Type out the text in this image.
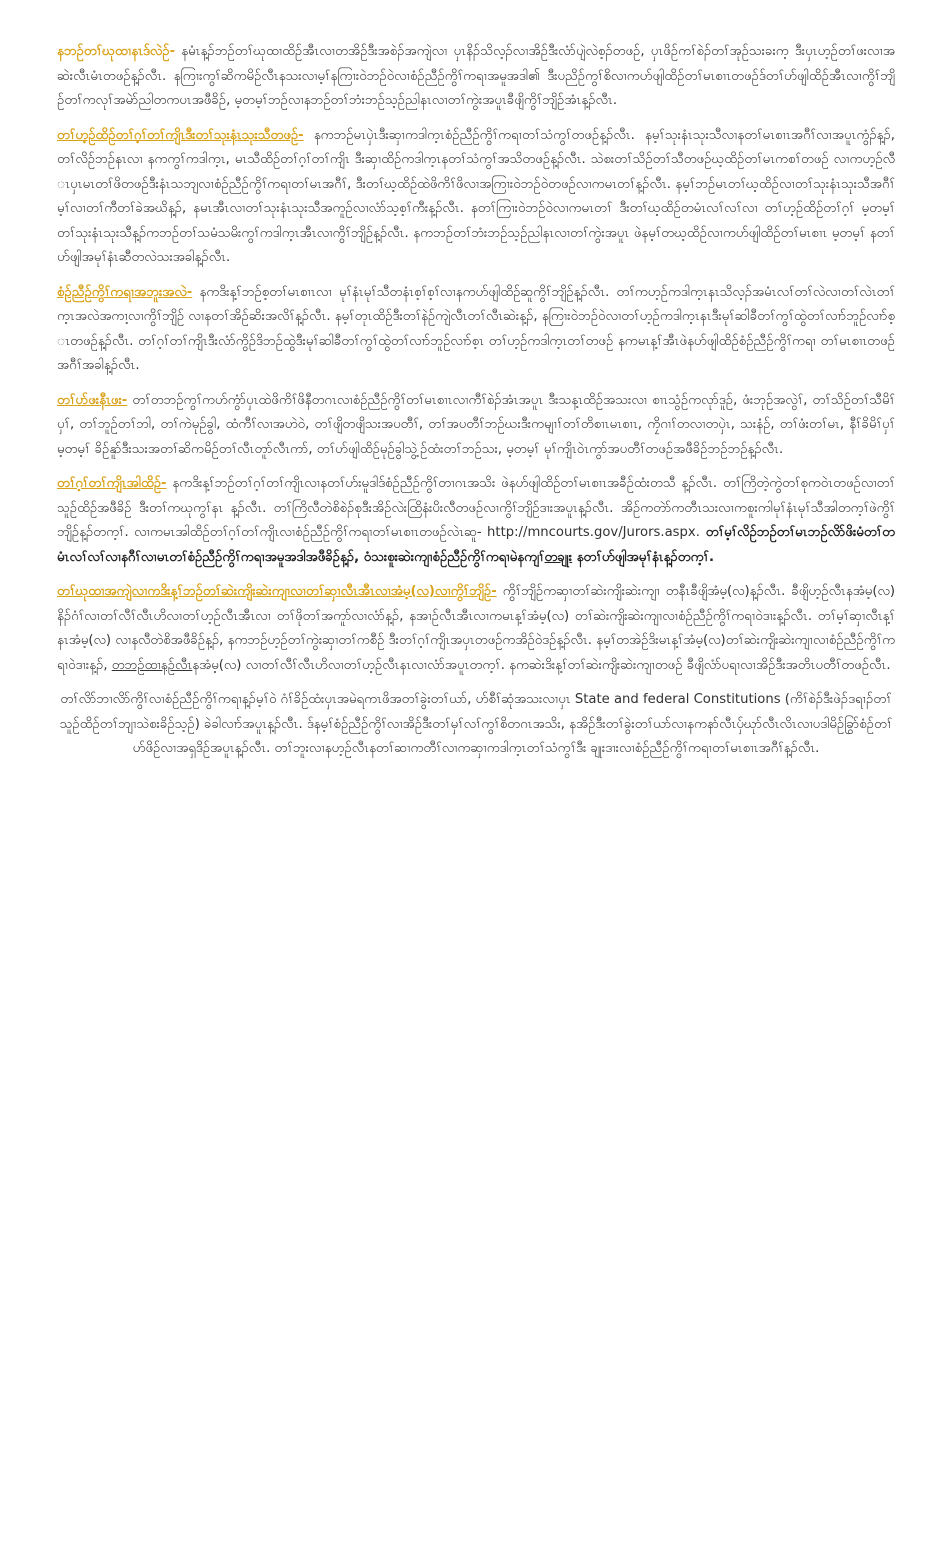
နဘဉ်တၢ်ဃုထၢနၤဒ်လဲဉ်- နမံၤန့ၣ်ဘဉ်တၢ်ဃုထၢထိဉ်အီၤလၢတအိဉ်ဒီးအစဲၣ်အကျဲလၢ ပှၤနိၣ်သိလ့ၣ်လၢအိဉ်ဒီးလံာ်ပျဲလဲစ့ၣ်တဖဉ်, ပှၤဖိဉ်ကၢ်စဲၣ်တၢ်အုဉ်သးခးက့ ဒီးပှၤဟ့ဉ်တၢ်ဖးလၢအဆဲးလီၤမံၤတဖဉ်န့ၣ်လီၤ. နကြၢးကွၢ်ဆိကမိဉ်လီၤနသးလၢမ့ၢ်နကြၢးဝဲဘဉ်ဝဲလၢစံဉ်ညီဉ်ကွိၢ်ကရၢအမူအဒါ၏ ဒီးပညိဉ်ကွၢ်စိလၢကဟ်ဖျါထိဉ်တၢ်မၤစၢၤတဖဉ်ဒ်တၢ်ဟ်ဖျါထိဉ်အီၤလၢကွိၢ်ဘျိဉ်တၢ်ကလုၢ်အမဲာ်ညါတကပၤအဖီခိဉ်, မ့တမ့ၢ်ဘဉ်လၢနဘဉ်တၢ်ဘံးဘဉ်သ့ဉ်ညါနၤလၢတၢ်ကွဲးအပူၤခီဖျိကွိၢ်ဘျိဉ်အံၤန့ၣ်လီၤ.

တၢ်ဟ့ဉ်ထိဉ်တၢ်ဂ့ၢ်တၢ်ကျိၤဒီးတၢ်သုးနံၤသုးသီတဖဉ်- နကဘဉ်မၤပှဲၤဒီးဆှၢကဒါက့ၤစံဉ်ညီဉ်ကွိၢ်ကရၢတၢ်သံကွၢ်တဖဉ်န့ၣ်လီၤ. နမ့ၢ်သုးနံၤသုးသီလၢနတၢ်မၤစၢၤအဂီၢ်လၢအပူၤကွံၣ်န့ၣ်, တၢ်လိဉ်ဘဉ်နၤလၢ နကကွၢ်ကဒါက့ၤ, မၤသီထိဉ်တၢ်ဂ့ၢ်တၢ်ကျိၤ ဒီးဆှၢထိဉ်ကဒါက့ၤနတၢ်သံကွၢ်အသိတဖဉ်န့ၣ်လီၤ. သဲစးတၢ်သိဉ်တၢ်သီတဖဉ်ဃ့ထိဉ်တၢ်မၤကစၢ်တဖဉ် လၢကဟ့ဉ်လီၤပှၤမၤတၢ်ဖိတဖဉ်ဒီးနံၤသဘျလၢစံဉ်ညီဉ်ကွိၢ်ကရၢတၢ်မၤအဂီၢ်, ဒီးတၢ်ဃ့ထိဉ်ထဲဖိကိၢ်ဖိလၢအကြၢးဝဲဘဉ်ဝဲတဖဉ်လၢကမၤတၢ်န့ၣ်လီၤ. နမ့ၢ်ဘဉ်မၤတၢ်ဃ့ထိဉ်လၢတၢ်သုးနံၤသုးသီအဂီၢ် မ့ၢ်လၢတၢ်ကီတၢ်ခဲအဃိန့ၣ်, နမၤအီၤလၢတၢ်သုးနံၤသုးသီအကူဉ်လၢလံာ်သ့စ့ၢ်ကီးန့ၣ်လီၤ. နတၢ်ကြၢးဝဲဘဉ်ဝဲလၢကမၤတၢ် ဒီးတၢ်ဃ့ထိဉ်တမံၤလၢ်လၢ်လၢ တၢ်ဟ့ဉ်ထိဉ်တၢ်ဂ့ၢ် မ့တမ့ၢ် တၢ်သုးနံၤသုးသီန့ၣ်ကဘဉ်တၢ်သမံသမိးကွၢ်ကဒါက့ၤအီၤလၢကွိၢ်ဘျိဉ်န့ၣ်လီၤ. နကဘဉ်တၢ်ဘံးဘဉ်သ့ဉ်ညါနၤလၢတၢ်ကွဲးအပူၤ ဖဲနမ့ၢ်တဃ့ထိဉ်လၢကဟ်ဖျါထိဉ်တၢ်မၤစၢၤ မ့တမ့ၢ် နတၢ်ဟ်ဖျါအမုၢ်နံၤဆီတလဲသးအခါန့ၣ်လီၤ.

စံဉ်ညီဉ်ကွိၢ်ကရၢအဘူးအလဲ- နကဒိးန့ၢ်ဘဉ်စ့တၢ်မၤစၢၤလၢ မုၢ်နံၤမုၢ်သီတနံၤစ့ၢ်စ့ၢ်လၢနကဟ်ဖျါထိဉ်ဆူကွိၢ်ဘျိဉ်န့ၣ်လီၤ. တၢ်ကဟ့ဉ်ကဒါက့ၤနၤသိလ့ၣ်အမံၤလၢ်တၢ်လဲလၢတၢ်လဲၤတၢ်က့ၤအလဲအကၢ့လၢကွိၢ်ဘျိဉ် လၢနတၢ်အိဉ်ဆိးအလိၢ်န့ၣ်လီၤ. နမ့ၢ်တုၤထိဉ်ဒီးတၢ်နဲဉ်ကျဲလီၤတၢ်လီၤဆဲးန့ၣ်, နကြၢးဝဲဘဉ်ဝဲလၢတၢ်ဟ့ဉ်ကဒါက့ၤနၤဒီးမုၢ်ဆါခီတၢ်ကွၢ်ထွဲတၢ်လၢာ်ဘူဉ်လၢာ်စ့ၤတဖဉ်န့ၣ်လီၤ. တၢ်ဂ့ၢ်တၢ်ကျိၤဒီးလံာ်ကွိဉ်ဒိဘဉ်ထွဲဒီးမုၢ်ဆါခီတၢ်ကွၢ်ထွဲတၢ်လၢာ်ဘူဉ်လၢာ်စ့ၤ တၢ်ဟ့ဉ်ကဒါက့ၤတၢ်တဖဉ် နကမၤန့ၢ်အီၤဖဲနဟ်ဖျါထိဉ်စံဉ်ညီဉ်ကွိၢ်ကရၢ တၢ်မၤစၢၤတဖဉ်အဂီၢ်အခါန့ၣ်လီၤ.

တၢ်ပာ်ဖးနီၤဖး- တၢ်တဘဉ်ကွၢ်ကဟ်ကွံာ်ပှၤထဲဖိကိၢ်ဖိနီတဂၤလၢစံဉ်ညီဉ်ကွိၢ်တၢ်မၤစၢၤလၢကီၢ်စဲၣ်အံၤအပူၤ ဒီးသန့ၤထိဉ်အသးလၢ စၢၤသွံဉ်ကလုာ်ဒူဉ်, ဖံးဘုဉ်အလွဲၢ်, တၢ်သိဉ်တၢ်သီမိၢ်ပှၢ်, တၢ်ဘူဉ်တၢ်ဘါ, တၢ်ကဲမုဉ်ခွါ, ထံကီၢ်လၢအဟဲဝဲ, တၢ်ဖျိတဖျိသးအပတီၢ်, တၢ်အပတီၢ်ဘဉ်ဃးဒီးကမျၢၢ်တၢ်တိစၢၤမၤစၢၤ, ကၠိဂၢၢ်တလၢတပှဲၤ, သးနံဉ်, တၢ်ဖံးတၢ်မၤ, နီၢ်ခိမိၢ်ပှၢ် မ့တမ့ၢ် ခိဉ်နူာ်ဒီးသးအတၢ်ဆိကမိဉ်တၢ်လီၤတူာ်လီၤကာ်, တၢ်ဟ်ဖျါထိဉ်မုဉ်ခွါသွဲ့ဉ်ထံးတၢ်ဘဉ်သး, မ့တမ့ၢ် မုၢ်ကျိၤဝဲၤကွာ်အပတီၢ်တဖဉ်အဖီခိဉ်ဘဉ်ဘဉ်န့ၣ်လီၤ.

တၢ်ဂ့ၢ်တၢ်ကျိၤအါထိဉ်- နကဒိးန့ၢ်ဘဉ်တၢ်ဂ့ၢ်တၢ်ကျိၤလၢနတၢ်ဟ်းမူဒါဒ်စံဉ်ညီဉ်ကွိၢ်တၢဂၤအသိး ဖဲနဟ်ဖျါထိဉ်တၢ်မၤစၢၤအခီဉ်ထံးတသီ န့ၣ်လီၤ. တၢ်ကြိတဲ့ကွဲတၢ်စုကဝဲၤတဖဉ်လၢတၢ်သူဉ်ထိဉ်အဖီခိဉ် ဒီးတၢ်ကဃုကွၢ်နၤ န့ၣ်လီၤ. တၢ်ကြိလီတဲစိစဲၣ်စုဒီးအိဉ်လဲးထြိနံးပိးလီတဖဉ်လၢကွိၢ်ဘျိဉ်ဒၢးအပူၤန့ၣ်လီၤ. အိဉ်ကတဲာ်ကတီၤသးလၢကစူးကါမုၢ်နံၤမုၢ်သီအါတက့ၢ်ဖဲကွိၢ်ဘျိဉ်န့ၣ်တက့ၢ်. လၢကမၤအါထိဉ်တၢ်ဂ့ၢ်တၢ်ကျိၤလၢစံဉ်ညီဉ်ကွိၢ်ကရၢတၢ်မၤစၢၤတဖဉ်လဲၤဆူ- http://mncourts.gov/Jurors.aspx. တၢ်မ့ၢ်လိဉ်ဘဉ်တၢ်မၤဘဉ်လိာ်ဖိးမံတၢ်တမံၤလၢ်လၢ်လၢနဂီၢ်လၢမၤတၢ်စံဉ်ညီဉ်ကွိၢ်ကရၢအမူအဒါအဖီခိဉ်န့ၣ်, ဝံသးစူးဆဲးကျၢစံဉ်ညီဉ်ကွိၢ်ကရၢမဲနကျၢ်တချုး နတၢ်ဟ်ဖျါအမုၢ်နံၤန့ၣ်တက့ၢ်.

တၢ်ဃုထၢအကျဲလၢကဒိးန့ၢ်ဘဉ်တၢ်ဆဲးကျိးဆဲးကျၢလၢတၢ်ဆှၢလီၤအီၤလၢအံမ့(လ)လၢကွိၢ်ဘျိဉ်- ကွိၢ်ဘျိဉ်ကဆှၢတၢ်ဆဲးကျိးဆဲးကျၢ တနီၤခီဖျိအံမ့(လ)န့ၣ်လီၤ. ခီဖျိဟ့ဉ်လီၤနအံမ့(လ)နိၣ်ဂံၢ်လၢတၢ်လီၢ်လီၤဟိလၢတၢ်ဟ့ဉ်လီၤအီၤလၢ တၢ်ဖိုတၢ်အကူာ်လၢလံာ်န့ၣ်, နအၢဉ်လီၤအီၤလၢကမၤန့ၢ်အံမ့(လ) တၢ်ဆဲးကျိးဆဲးကျၢလၢစံဉ်ညီဉ်ကွိၢ်ကရၢဝဲဒၢးန့ၣ်လီၤ. တၢ်မ့ၢ်ဆှၢလီၤန့ၢ်နၤအံမ့(လ) လၢနလီတဲစိအဖီခိဉ်န့ၣ်, နကဘဉ်ဟ့ဉ်တၢ်ကွဲးဆှၢတၢ်ကစီဉ် ဒီးတၢ်ဂ့ၢ်ကျိၤအပှၤတဖဉ်ကအိဉ်ဝဲဒဉ်န့ၣ်လီၤ. နမ့ၢ်တအဲဉ်ဒိးမၤန့ၢ်အံမ့(လ)တၢ်ဆဲးကျိးဆဲးကျၢလၢစံဉ်ညီဉ်ကွိၢ်ကရၢဝဲဒၢးန့ၣ်, တဘဉ်ထၢနဉ်လီၤနအံမ့(လ) လၢတၢ်လီၢ်လီၤဟိလၢတၢ်ဟ့ဉ်လီၤနၤလၢလံာ်အပူၤတက့ၢ်. နကဆဲးဒိးန့ၢ်တၢ်ဆဲးကျိးဆဲးကျၢတဖဉ် ခီဖျိလံာ်ပရၢလၢအိဉ်ဒီးအတိၤပတီၢ်တဖဉ်လီၤ.

တၢ်လိာ်ဘၢလိာ်ကွိၢ်လၢစံဉ်ညီဉ်ကွိၢ်ကရၢန့ၣ်မ့ၢ်ဝဲ ဂံၢ်ခိဉ်ထံးပှၤအမဲရကၤဖိအတၢ်ခွဲးတၢ်ယာ်, ဟ်စီၢ်ဆုံအသးလၢပှၤ State and federal Constitutions (ကိၢ်စဲၣ်ဒီးဖဲၣ်ဒရၢၣ်တၢ်သူဉ်ထိဉ်တၢ်ဘျၢသဲစးခိဉ်သ့ဉ်) ခဲခါလၢာ်အပူၤန့ၣ်လီၤ. ဒ်နမ့ၢ်စံဉ်ညီဉ်ကွိၢ်လၢအိဉ်ဒီးတၢ်မှၢ်လၢ်ကွၢ်စိတဂၤအသိး, နအိဉ်ဒီးတၢ်ခွဲးတၢ်ယာ်လၢနကနာ်လီၤပှ်ဃုာ်လီၤလိၤလၢပဒါမိဉ်ခြွာ်စံဉ်တၢ်ဟ်ဖိဉ်လၢအရှဒိဉ်အပူၤန့ၣ်လီၤ. တၢ်ဘူးလၢနဟ့ဉ်လီၤနတၢ်ဆၢကတီၢ်လၢကဆှၢကဒါက့ၤတၢ်သံကွၢ်ဒီး ချုးဒၢးလၢစံဉ်ညီဉ်ကွိၢ်ကရၢတၢ်မၤစၢၤအဂီၢ်န့ၣ်လီၤ.
